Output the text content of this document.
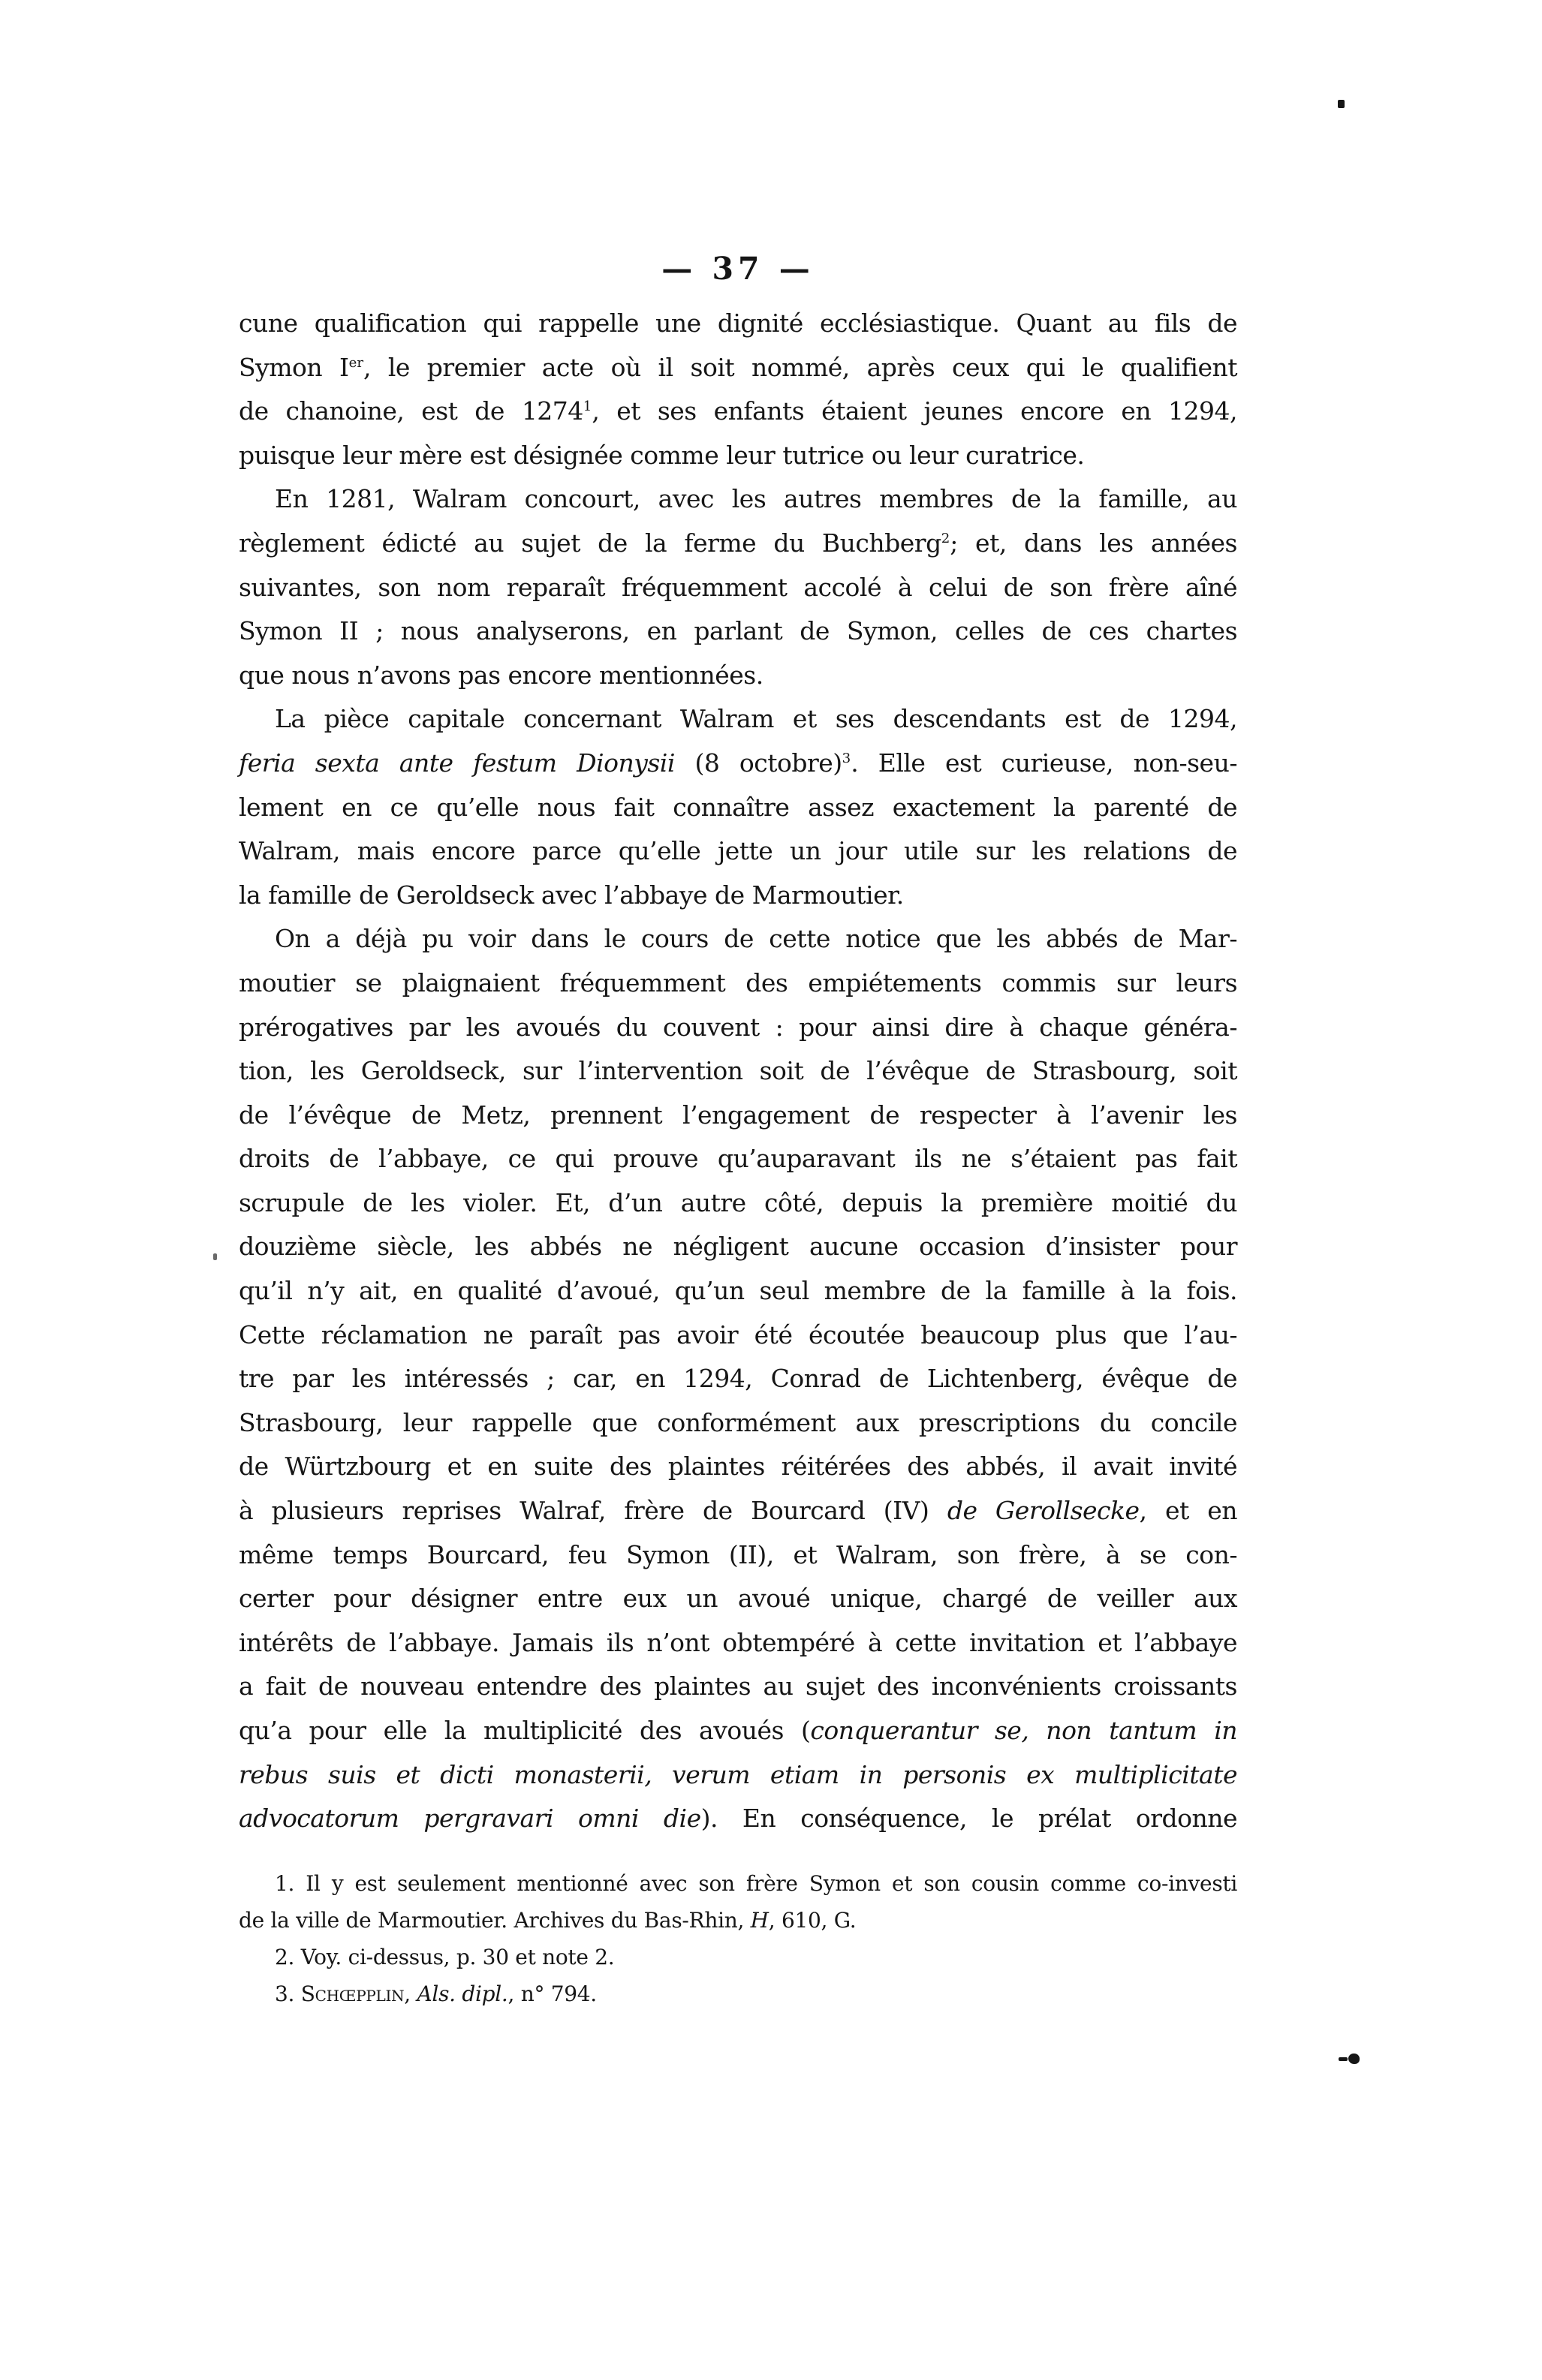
— 37 —
cune qualification qui rappelle une dignité ecclésiastique. Quant au fils de
Symon Ier, le premier acte où il soit nommé, après ceux qui le qualifient
de chanoine, est de 1274$^1$, et ses enfants étaient jeunes encore en 1294,
puisque leur mère est désignée comme leur tutrice ou leur curatrice.
En 1281, Walram concourt, avec les autres membres de la famille, au
règlement édicté au sujet de la ferme du Buchberg$^2$; et, dans les années
suivantes, son nom reparaît fréquemment accolé à celui de son frère aîné
Symon II ; nous analyserons, en parlant de Symon, celles de ces chartes
que nous n’avons pas encore mentionnées.
La pièce capitale concernant Walram et ses descendants est de 1294,
feria sexta ante festum Dionysii (8 octobre)$^3$. Elle est curieuse, non-seu-
lement en ce qu’elle nous fait connaître assez exactement la parenté de
Walram, mais encore parce qu’elle jette un jour utile sur les relations de
la famille de Geroldseck avec l’abbaye de Marmoutier.
On a déjà pu voir dans le cours de cette notice que les abbés de Mar-
moutier se plaignaient fréquemment des empiétements commis sur leurs
prérogatives par les avoués du couvent : pour ainsi dire à chaque généra-
tion, les Geroldseck, sur l’intervention soit de l’évêque de Strasbourg, soit
de l’évêque de Metz, prennent l’engagement de respecter à l’avenir les
droits de l’abbaye, ce qui prouve qu’auparavant ils ne s’étaient pas fait
scrupule de les violer. Et, d’un autre côté, depuis la première moitié du
douzième siècle, les abbés ne négligent aucune occasion d’insister pour
qu’il n’y ait, en qualité d’avoué, qu’un seul membre de la famille à la fois.
Cette réclamation ne paraît pas avoir été écoutée beaucoup plus que l’au-
tre par les intéressés ; car, en 1294, Conrad de Lichtenberg, évêque de
Strasbourg, leur rappelle que conformément aux prescriptions du concile
de Würtzbourg et en suite des plaintes réitérées des abbés, il avait invité
à plusieurs reprises Walraf, frère de Bourcard (IV) de Gerollsecke, et en
même temps Bourcard, feu Symon (II), et Walram, son frère, à se con-
certer pour désigner entre eux un avoué unique, chargé de veiller aux
intérêts de l’abbaye. Jamais ils n’ont obtempéré à cette invitation et l’abbaye
a fait de nouveau entendre des plaintes au sujet des inconvénients croissants
qu’a pour elle la multiplicité des avoués (conquerantur se, non tantum in
rebus suis et dicti monasterii, verum etiam in personis ex multiplicitate
advocatorum pergravari omni die). En conséquence, le prélat ordonne
1. Il y est seulement mentionné avec son frère Symon et son cousin comme co-investi
de la ville de Marmoutier. Archives du Bas-Rhin, H, 610, G.
2. Voy. ci-dessus, p. 30 et note 2.
3. Schœpplin, Als. dipl., n° 794.
